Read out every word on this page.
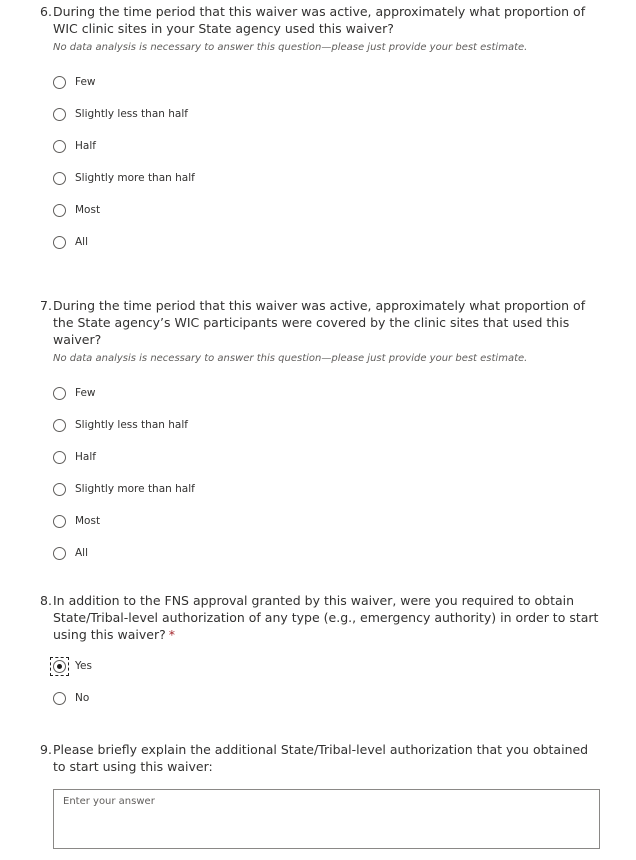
6. During the time period that this waiver was active, approximately what proportion of WIC clinic sites in your State agency used this waiver?
No data analysis is necessary to answer this question—please just provide your best estimate.
Few
Slightly less than half
Half
Slightly more than half
Most
All
7. During the time period that this waiver was active, approximately what proportion of the State agency’s WIC participants were covered by the clinic sites that used this waiver?
No data analysis is necessary to answer this question—please just provide your best estimate.
Few
Slightly less than half
Half
Slightly more than half
Most
All
8. In addition to the FNS approval granted by this waiver, were you required to obtain State/Tribal-level authorization of any type (e.g., emergency authority) in order to start using this waiver? *
Yes
No
9. Please briefly explain the additional State/Tribal-level authorization that you obtained to start using this waiver:
Enter your answer
